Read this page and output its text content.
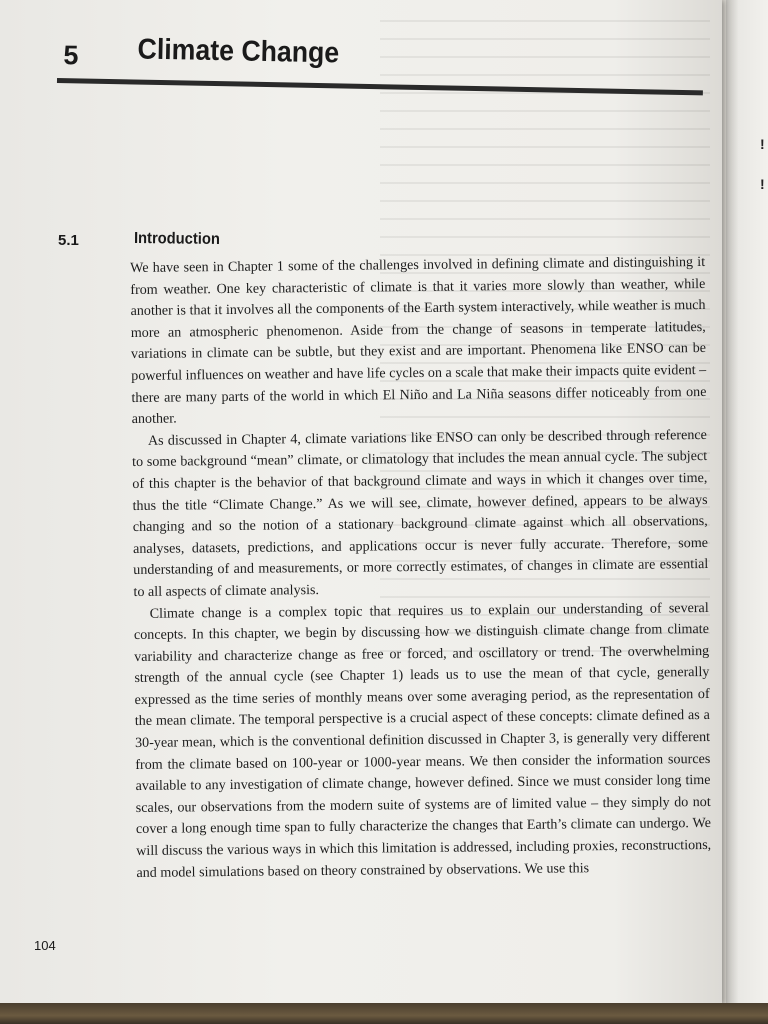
!
!
5 Climate Change
5.1	Introduction

We have seen in Chapter 1 some of the challenges involved in defining climate and distinguishing it from weather. One key characteristic of climate is that it varies more slowly than weather, while another is that it involves all the components of the Earth system interactively, while weather is much more an atmospheric phenomenon. Aside from the change of seasons in temperate latitudes, variations in climate can be subtle, but they exist and are important. Phenomena like ENSO can be powerful influences on weather and have life cycles on a scale that make their impacts quite evident – there are many parts of the world in which El Niño and La Niña seasons differ noticeably from one another.

As discussed in Chapter 4, climate variations like ENSO can only be described through reference to some background “mean” climate, or climatology that includes the mean annual cycle. The subject of this chapter is the behavior of that background climate and ways in which it changes over time, thus the title “Climate Change.” As we will see, climate, however defined, appears to be always changing and so the notion of a stationary background climate against which all observations, analyses, datasets, predictions, and applications occur is never fully accurate. Therefore, some understanding of and measurements, or more correctly estimates, of changes in climate are essential to all aspects of climate analysis.

Climate change is a complex topic that requires us to explain our understanding of several concepts. In this chapter, we begin by discussing how we distinguish climate change from climate variability and characterize change as free or forced, and oscillatory or trend. The overwhelming strength of the annual cycle (see Chapter 1) leads us to use the mean of that cycle, generally expressed as the time series of monthly means over some averaging period, as the representation of the mean climate. The temporal perspective is a crucial aspect of these concepts: climate defined as a 30-year mean, which is the conventional definition discussed in Chapter 3, is generally very different from the climate based on 100-year or 1000-year means. We then consider the information sources available to any investigation of climate change, however defined. Since we must consider long time scales, our observations from the modern suite of systems are of limited value – they simply do not cover a long enough time span to fully characterize the changes that Earth’s climate can undergo. We will discuss the various ways in which this limitation is addressed, including proxies, reconstructions, and model simulations based on theory constrained by observations. We use this

104
